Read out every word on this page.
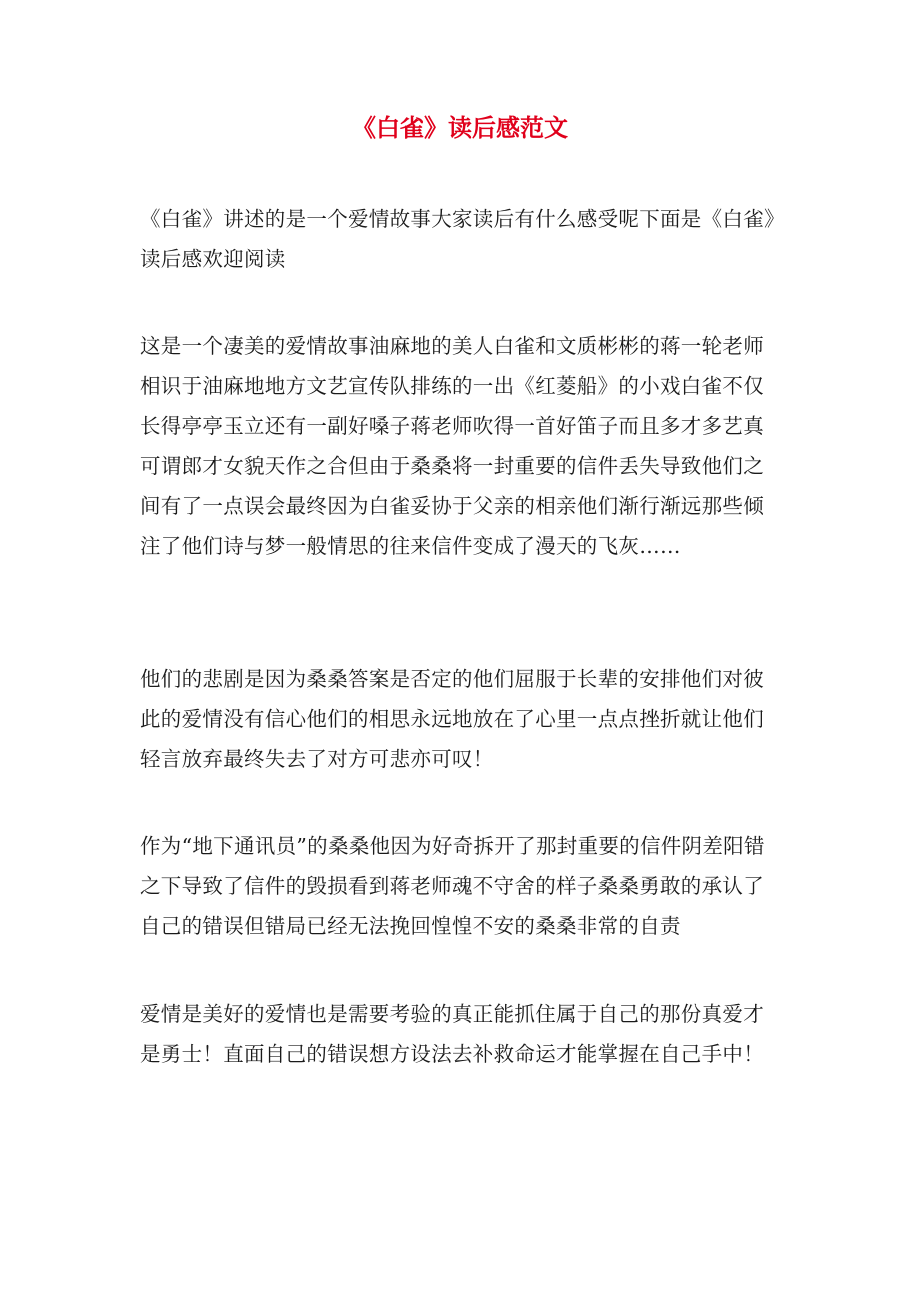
《白雀》读后感范文

《白雀》讲述的是一个爱情故事大家读后有什么感受呢下面是《白雀》读后感欢迎阅读

这是一个凄美的爱情故事油麻地的美人白雀和文质彬彬的蒋一轮老师相识于油麻地地方文艺宣传队排练的一出《红菱船》的小戏白雀不仅长得亭亭玉立还有一副好嗓子蒋老师吹得一首好笛子而且多才多艺真可谓郎才女貌天作之合但由于桑桑将一封重要的信件丢失导致他们之间有了一点误会最终因为白雀妥协于父亲的相亲他们渐行渐远那些倾注了他们诗与梦一般情思的往来信件变成了漫天的飞灰……

他们的悲剧是因为桑桑答案是否定的他们屈服于长辈的安排他们对彼此的爱情没有信心他们的相思永远地放在了心里一点点挫折就让他们轻言放弃最终失去了对方可悲亦可叹！

作为“地下通讯员”的桑桑他因为好奇拆开了那封重要的信件阴差阳错之下导致了信件的毁损看到蒋老师魂不守舍的样子桑桑勇敢的承认了自己的错误但错局已经无法挽回惶惶不安的桑桑非常的自责

爱情是美好的爱情也是需要考验的真正能抓住属于自己的那份真爱才是勇士！直面自己的错误想方设法去补救命运才能掌握在自己手中！
